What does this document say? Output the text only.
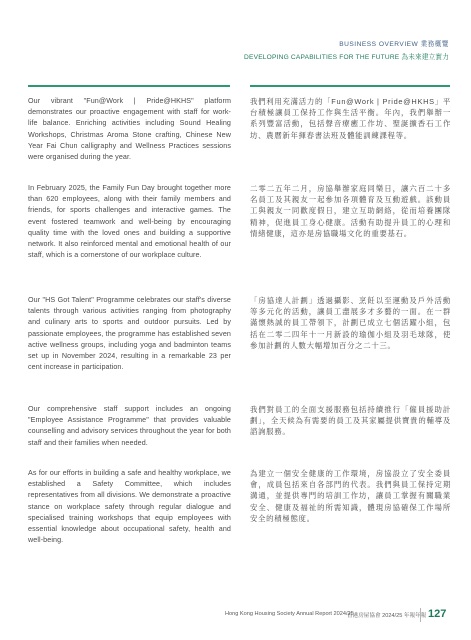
BUSINESS OVERVIEW 業務概覽
DEVELOPING CAPABILITIES FOR THE FUTURE 為未來建立實力

Our vibrant "Fun@Work | Pride@HKHS" platform demonstrates our proactive engagement with staff for work-life balance. Enriching activities including Sound Healing Workshops, Christmas Aroma Stone crafting, Chinese New Year Fai Chun calligraphy and Wellness Practices sessions were organised during the year.

In February 2025, the Family Fun Day brought together more than 620 employees, along with their family members and friends, for sports challenges and interactive games. The event fostered teamwork and well-being by encouraging quality time with the loved ones and building a supportive network. It also reinforced mental and emotional health of our staff, which is a cornerstone of our workplace culture.

Our "HS Got Talent" Programme celebrates our staff's diverse talents through various activities ranging from photography and culinary arts to sports and outdoor pursuits. Led by passionate employees, the programme has established seven active wellness groups, including yoga and badminton teams set up in November 2024, resulting in a remarkable 23 per cent increase in participation.

Our comprehensive staff support includes an ongoing "Employee Assistance Programme" that provides valuable counselling and advisory services throughout the year for both staff and their families when needed.

As for our efforts in building a safe and healthy workplace, we established a Safety Committee, which includes representatives from all divisions. We demonstrate a proactive stance on workplace safety through regular dialogue and specialised training workshops that equip employees with essential knowledge about occupational safety, health and well-being.

我們利用充滿活力的「Fun@Work | Pride@HKHS」平台積極讓員工保持工作與生活平衡。年內，我們舉辦一系列豐富活動，包括聲音療癒工作坊、聖誕擴香石工作坊、農曆新年揮春書法班及體能訓練課程等。

二零二五年二月，房協舉辦家庭同樂日，讓六百二十多名員工及其親友一起參加各項體育及互動遊戲。該動員工與親友一同歡度假日，建立互助網絡，從而培養團隊精神，促進員工身心健康。活動有助提升員工的心理和情緒健康，這亦是房協職場文化的重要基石。

「房協達人計劃」透過攝影、烹飪以至運動及戶外活動等多元化的活動，讓員工盡展多才多藝的一面。在一群滿懷熱誠的員工帶領下，計劃已成立七個活躍小組，包括在二零二四年十一月新設的瑜伽小組及羽毛球隊，使參加計劃的人數大幅增加百分之二十三。

我們對員工的全面支援服務包括持續推行「僱員援助計劃」，全天候為有需要的員工及其家屬提供寶貴的輔導及諮詢服務。

為建立一個安全健康的工作環境，房協設立了安全委員會，成員包括來自各部門的代表。我們與員工保持定期溝通，並提供專門的培訓工作坊，讓員工掌握有關職業安全、健康及福祉的所需知識，體現房協確保工作場所安全的積極態度。

Hong Kong Housing Society Annual Report 2024/25
香港房屋協會 2024/25 年報年報 127
